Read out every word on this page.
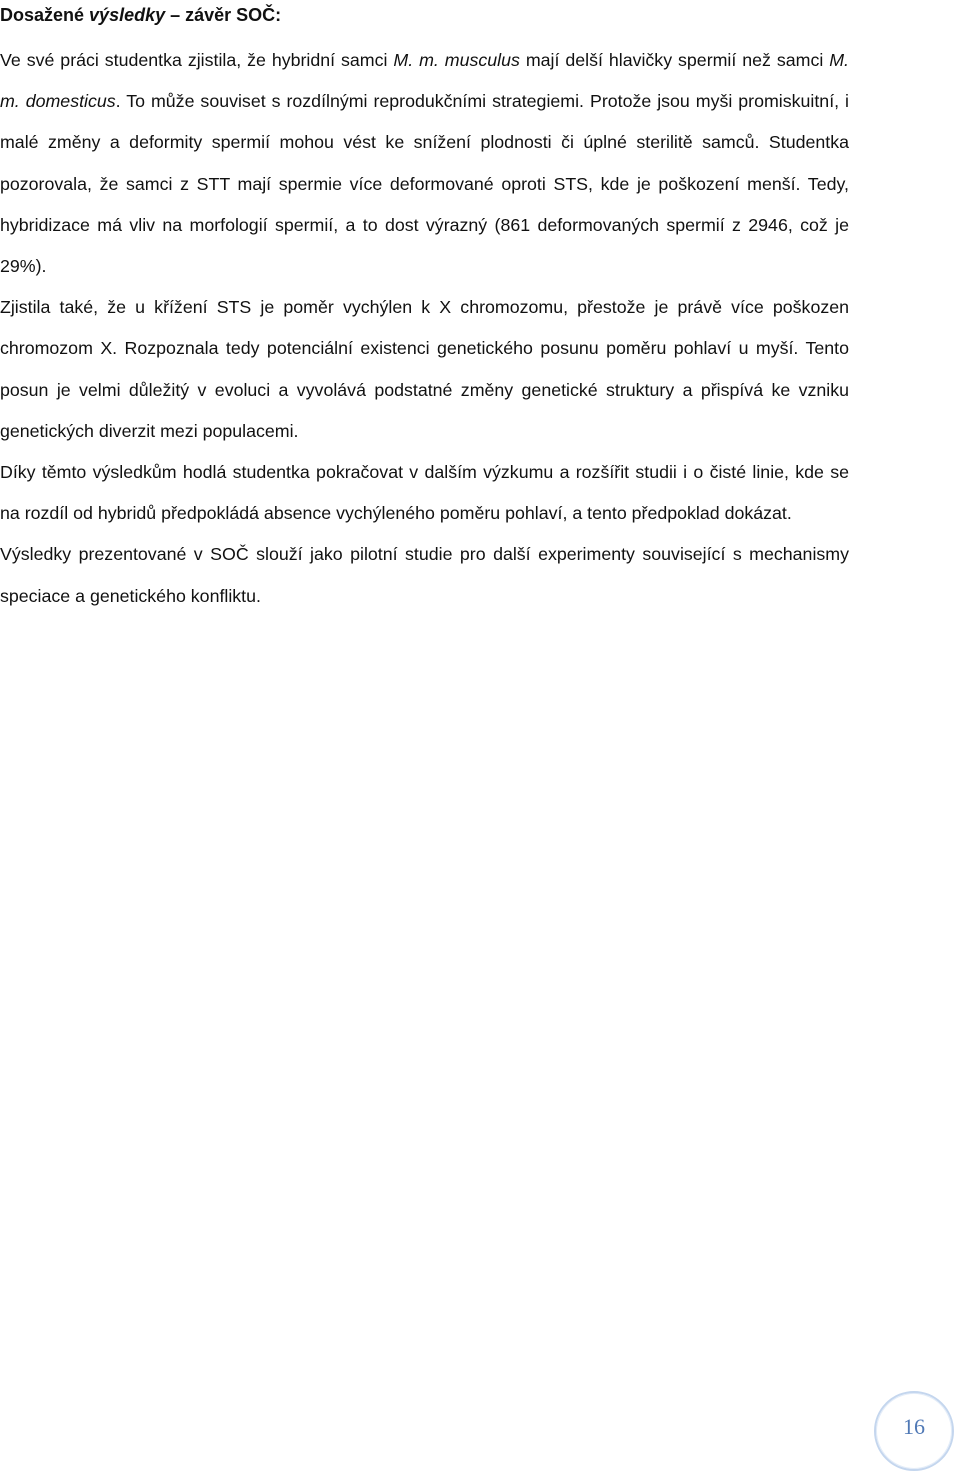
Dosažené výsledky – závěr SOČ:

Ve své práci studentka zjistila, že hybridní samci M. m. musculus mají delší hlavičky spermií než samci M. m. domesticus. To může souviset s rozdílnými reprodukčními strategiemi. Protože jsou myši promiskuitní, i malé změny a deformity spermií mohou vést ke snížení plodnosti či úplné sterilitě samců. Studentka pozorovala, že samci z STT mají spermie více deformované oproti STS, kde je poškození menší. Tedy, hybridizace má vliv na morfologií spermií, a to dost výrazný (861 deformovaných spermií z 2946, což je 29%).

Zjistila také, že u křížení STS je poměr vychýlen k X chromozomu, přestože je právě více poškozen chromozom X. Rozpoznala tedy potenciální existenci genetického posunu poměru pohlaví u myší. Tento posun je velmi důležitý v evoluci a vyvolává podstatné změny genetické struktury a přispívá ke vzniku genetických diverzit mezi populacemi.

Díky těmto výsledkům hodlá studentka pokračovat v dalším výzkumu a rozšířit studii i o čisté linie, kde se na rozdíl od hybridů předpokládá absence vychýleného poměru pohlaví, a tento předpoklad dokázat.

Výsledky prezentované v SOČ slouží jako pilotní studie pro další experimenty související s mechanismy speciace a genetického konfliktu.

16
